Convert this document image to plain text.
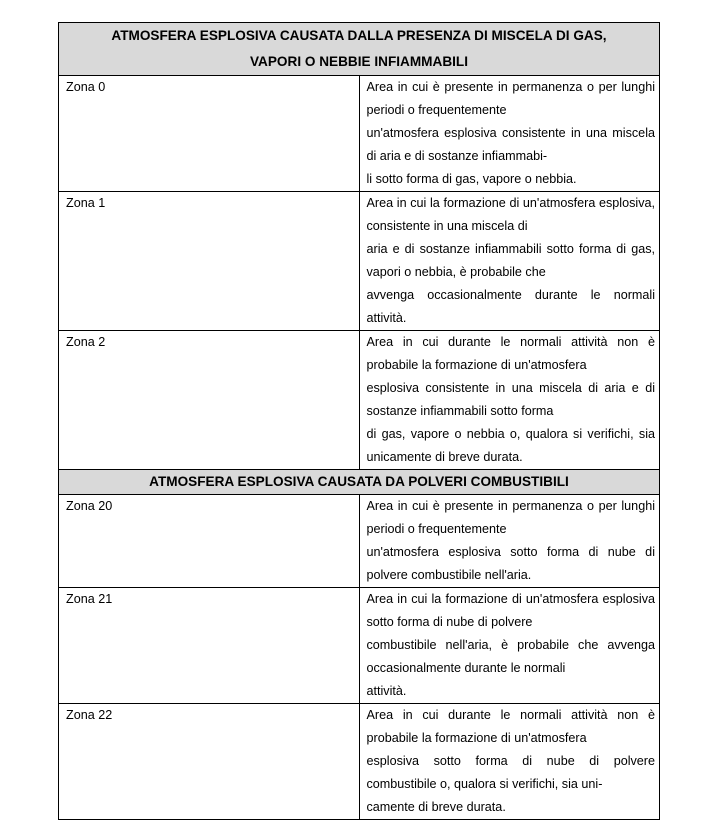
ATMOSFERA ESPLOSIVA CAUSATA DALLA PRESENZA DI MISCELA DI GAS,
VAPORI O NEBBIE INFIAMMABILI	

Zona 0	Area in cui è presente in permanenza o per lunghi periodi o frequentemente
un'atmosfera esplosiva consistente in una miscela di aria e di sostanze infiammabi-
li sotto forma di gas, vapore o nebbia.

Zona 1	Area in cui la formazione di un'atmosfera esplosiva, consistente in una miscela di
aria e di sostanze infiammabili sotto forma di gas, vapori o nebbia, è probabile che
avvenga occasionalmente durante le normali attività.

Zona 2	Area in cui durante le normali attività non è probabile la formazione di un'atmosfera
esplosiva consistente in una miscela di aria e di sostanze infiammabili sotto forma
di gas, vapore o nebbia o, qualora si verifichi, sia unicamente di breve durata.

ATMOSFERA ESPLOSIVA CAUSATA DA POLVERI COMBUSTIBILI	
Zona 20	Area in cui è presente in permanenza o per lunghi periodi o frequentemente
un'atmosfera esplosiva sotto forma di nube di polvere combustibile nell'aria.

Zona 21	Area in cui la formazione di un'atmosfera esplosiva sotto forma di nube di polvere
combustibile nell'aria, è probabile che avvenga occasionalmente durante le normali
attività.

Zona 22	Area in cui durante le normali attività non è probabile la formazione di un'atmosfera
esplosiva sotto forma di nube di polvere combustibile o, qualora si verifichi, sia uni-
camente di breve durata.
